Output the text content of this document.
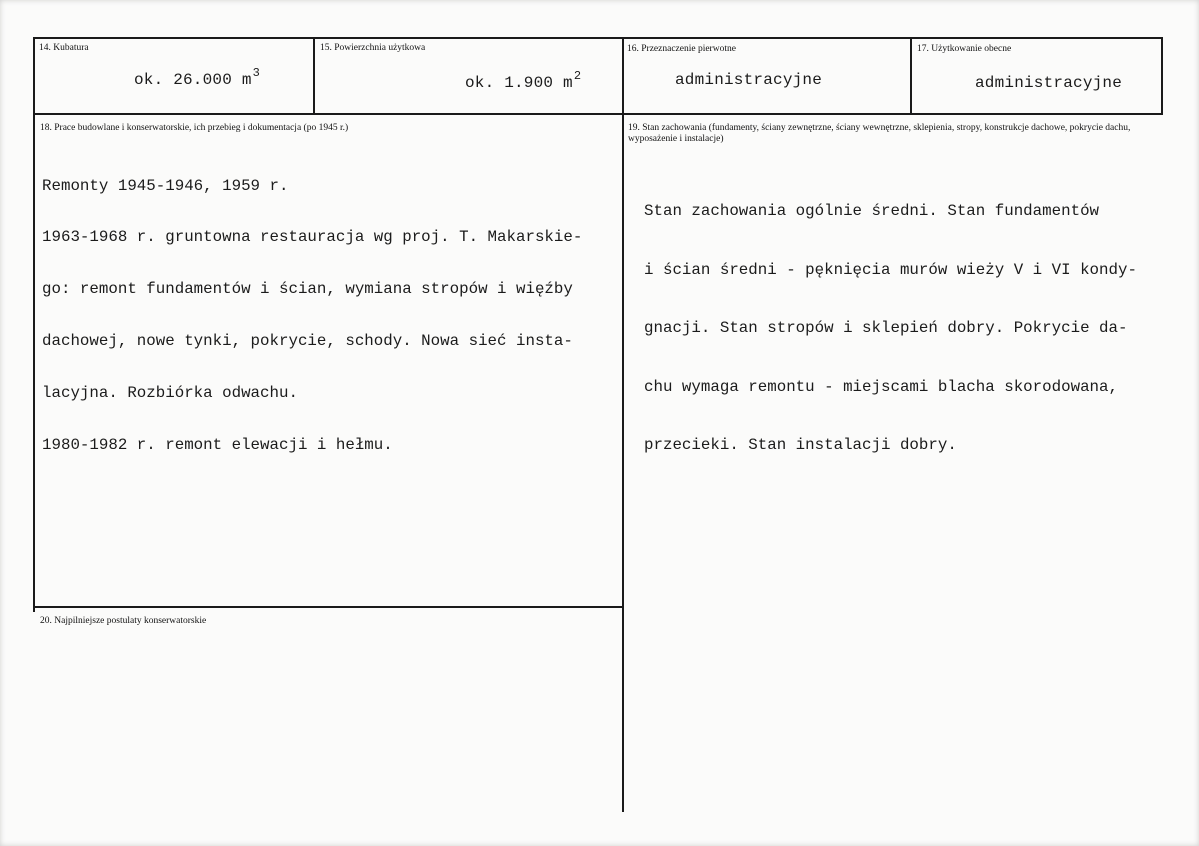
14. Kubatura
ok. 26.000 $m^3$
15. Powierzchnia użytkowa
ok. 1.900 $m^2$
16. Przeznaczenie pierwotne
administracyjne
17. Użytkowanie obecne
administracyjne
18. Prace budowlane i konserwatorskie, ich przebieg i dokumentacja (po 1945 r.)

Remonty 1945-1946, 1959 r.

1963-1968 r. gruntowna restauracja wg proj. T. Makarskie-

go: remont fundamentów i ścian, wymiana stropów i więźby

dachowej, nowe tynki, pokrycie, schody. Nowa sieć insta-

lacyjna. Rozbiórka odwachu.

1980-1982 r. remont elewacji i hełmu.

19. Stan zachowania (fundamenty, ściany zewnętrzne, ściany wewnętrzne, sklepienia, stropy, konstrukcje dachowe, pokrycie dachu, wyposażenie i instalacje)

Stan zachowania ogólnie średni. Stan fundamentów

i ścian średni - pęknięcia murów wieży V i VI kondy-

gnacji. Stan stropów i sklepień dobry. Pokrycie da-

chu wymaga remontu - miejscami blacha skorodowana,

przecieki. Stan instalacji dobry.

20. Najpilniejsze postulaty konserwatorskie
